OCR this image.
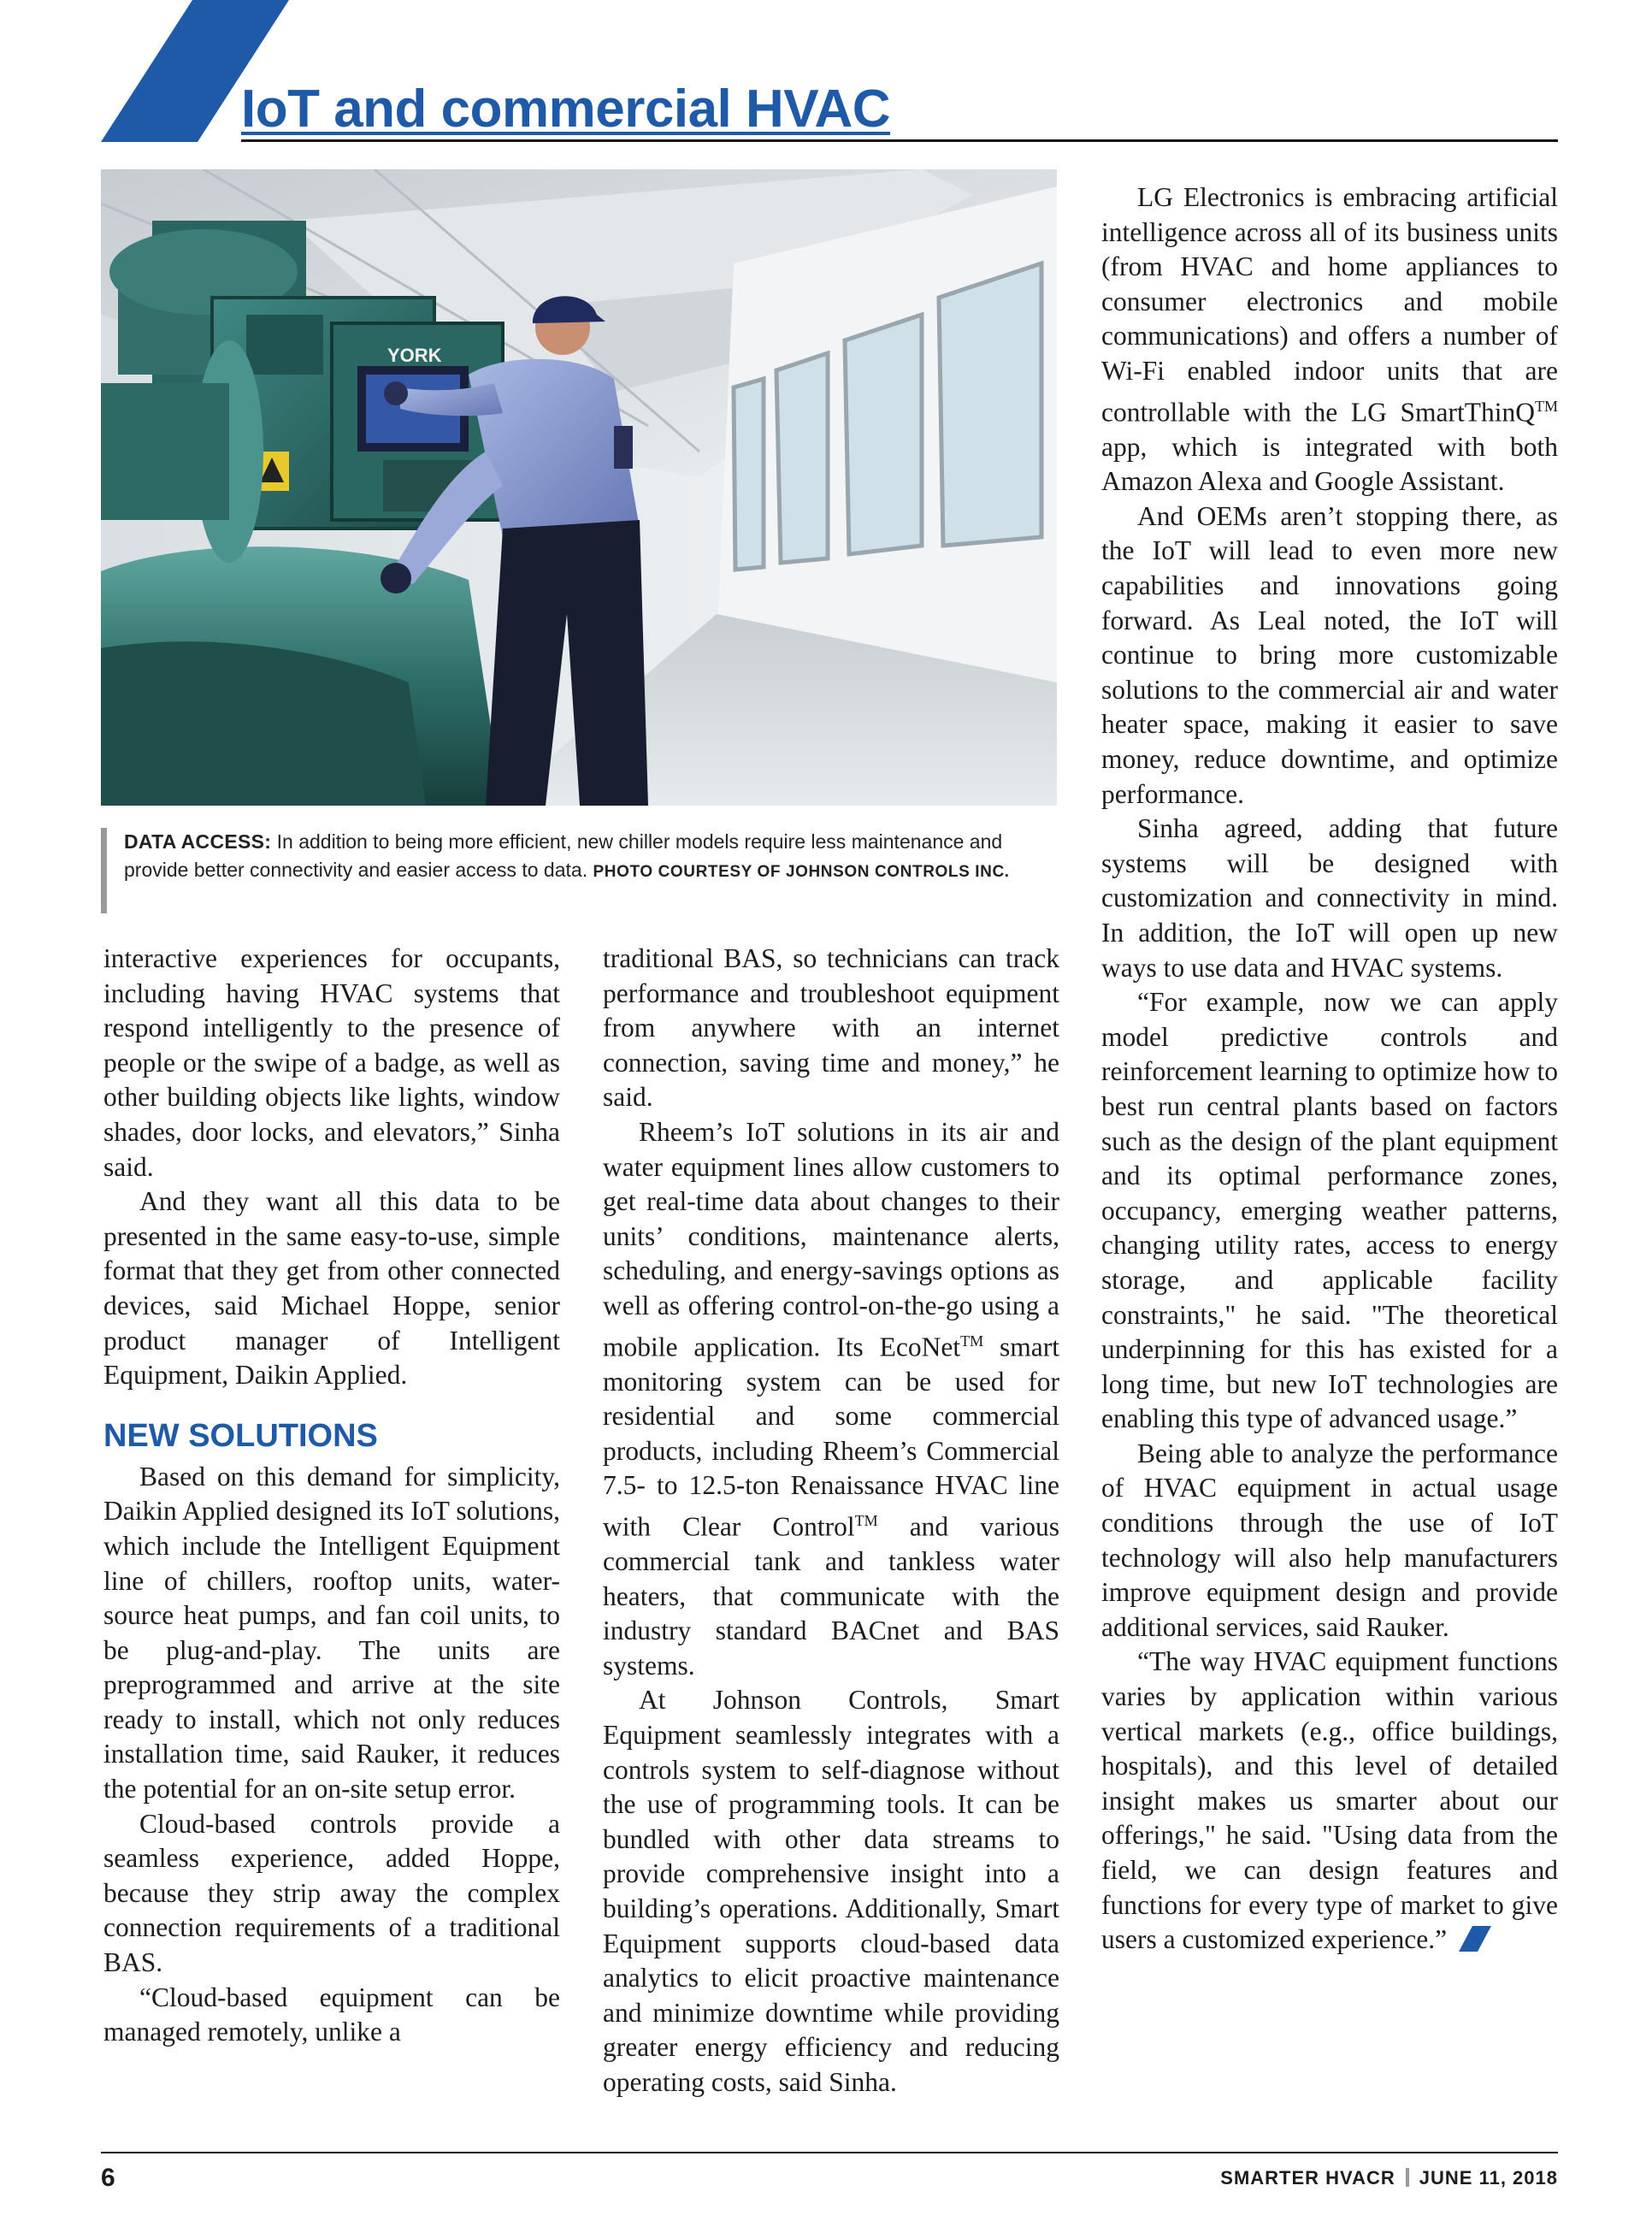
IoT and commercial HVAC
YORK
DATA ACCESS: In addition to being more efficient, new chiller models require less maintenance and provide better connectivity and easier access to data. PHOTO COURTESY OF JOHNSON CONTROLS INC.

interactive experiences for occupants, including having HVAC systems that respond intelligently to the presence of people or the swipe of a badge, as well as other building objects like lights, window shades, door locks, and elevators,” Sinha said.

And they want all this data to be presented in the same easy-to-use, simple format that they get from other connected devices, said Michael Hoppe, senior product manager of Intelligent Equipment, Daikin Applied.

NEW SOLUTIONS

Based on this demand for simplicity, Daikin Applied designed its IoT solutions, which include the Intelligent Equipment line of chillers, rooftop units, water-source heat pumps, and fan coil units, to be plug-and-play. The units are preprogrammed and arrive at the site ready to install, which not only reduces installation time, said Rauker, it reduces the potential for an on-site setup error.

Cloud-based controls provide a seamless experience, added Hoppe, because they strip away the complex connection requirements of a traditional BAS.

“Cloud-based equipment can be managed remotely, unlike a

traditional BAS, so technicians can track performance and troubleshoot equipment from anywhere with an internet connection, saving time and money,” he said.

Rheem’s IoT solutions in its air and water equipment lines allow customers to get real-time data about changes to their units’ conditions, maintenance alerts, scheduling, and energy-savings options as well as offering control-on-the-go using a mobile application. Its EcoNet™ smart monitoring system can be used for residential and some commercial products, including Rheem’s Commercial 7.5- to 12.5-ton Renaissance HVAC line with Clear Control™ and various commercial tank and tankless water heaters, that communicate with the industry standard BACnet and BAS systems.

At Johnson Controls, Smart Equipment seamlessly integrates with a controls system to self-diagnose without the use of programming tools. It can be bundled with other data streams to provide comprehensive insight into a building’s operations. Additionally, Smart Equipment supports cloud-based data analytics to elicit proactive maintenance and minimize downtime while providing greater energy efficiency and reducing operating costs, said Sinha.

LG Electronics is embracing artificial intelligence across all of its business units (from HVAC and home appliances to consumer electronics and mobile communications) and offers a number of Wi-Fi enabled indoor units that are controllable with the LG SmartThinQ™ app, which is integrated with both Amazon Alexa and Google Assistant.

And OEMs aren’t stopping there, as the IoT will lead to even more new capabilities and innovations going forward. As Leal noted, the IoT will continue to bring more customizable solutions to the commercial air and water heater space, making it easier to save money, reduce downtime, and optimize performance.

Sinha agreed, adding that future systems will be designed with customization and connectivity in mind. In addition, the IoT will open up new ways to use data and HVAC systems.

“For example, now we can apply model predictive controls and reinforcement learning to optimize how to best run central plants based on factors such as the design of the plant equipment and its optimal performance zones, occupancy, emerging weather patterns, changing utility rates, access to energy storage, and applicable facility constraints," he said. "The theoretical underpinning for this has existed for a long time, but new IoT technologies are enabling this type of advanced usage.”

Being able to analyze the performance of HVAC equipment in actual usage conditions through the use of IoT technology will also help manufacturers improve equipment design and provide additional services, said Rauker.

“The way HVAC equipment functions varies by application within various vertical markets (e.g., office buildings, hospitals), and this level of detailed insight makes us smarter about our offerings," he said. "Using data from the field, we can design features and functions for every type of market to give users a customized experience.”

6	SMARTER HVACR JUNE 11, 2018
